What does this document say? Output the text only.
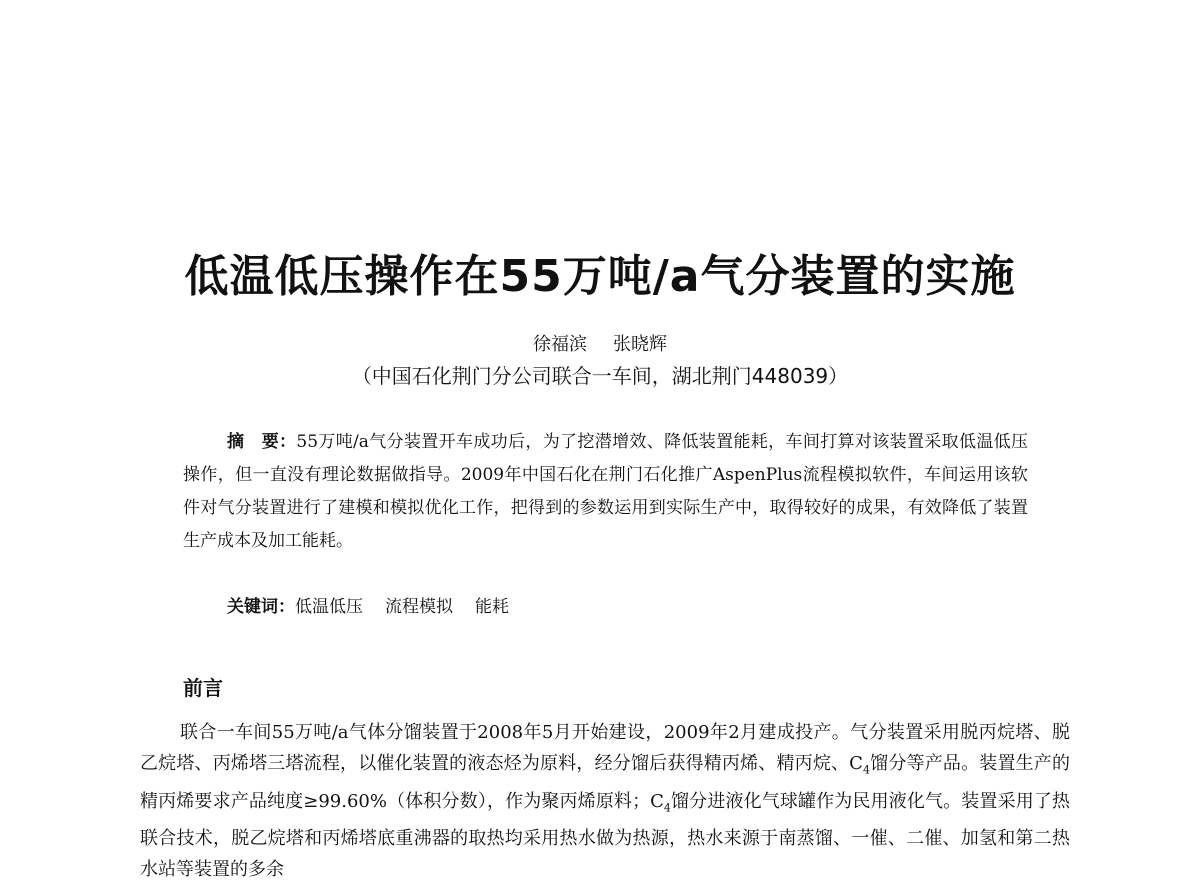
低温低压操作在55万吨/a气分装置的实施
徐福滨 张晓辉
（中国石化荆门分公司联合一车间，湖北荆门448039）
摘　要：55万吨/a气分装置开车成功后，为了挖潜增效、降低装置能耗，车间打算对该装置采取低温低压操作，但一直没有理论数据做指导。2009年中国石化在荆门石化推广AspenPlus流程模拟软件，车间运用该软件对气分装置进行了建模和模拟优化工作，把得到的参数运用到实际生产中，取得较好的成果，有效降低了装置生产成本及加工能耗。
关键词：低温低压 流程模拟 能耗
前言
联合一车间55万吨/a气体分馏装置于2008年5月开始建设，2009年2月建成投产。气分装置采用脱丙烷塔、脱乙烷塔、丙烯塔三塔流程，以催化装置的液态烃为原料，经分馏后获得精丙烯、精丙烷、$C_4$馏分等产品。装置生产的精丙烯要求产品纯度≥99.60%（体积分数），作为聚丙烯原料；$C_4$馏分进液化气球罐作为民用液化气。装置采用了热联合技术，脱乙烷塔和丙烯塔底重沸器的取热均采用热水做为热源，热水来源于南蒸馏、一催、二催、加氢和第二热水站等装置的多余
